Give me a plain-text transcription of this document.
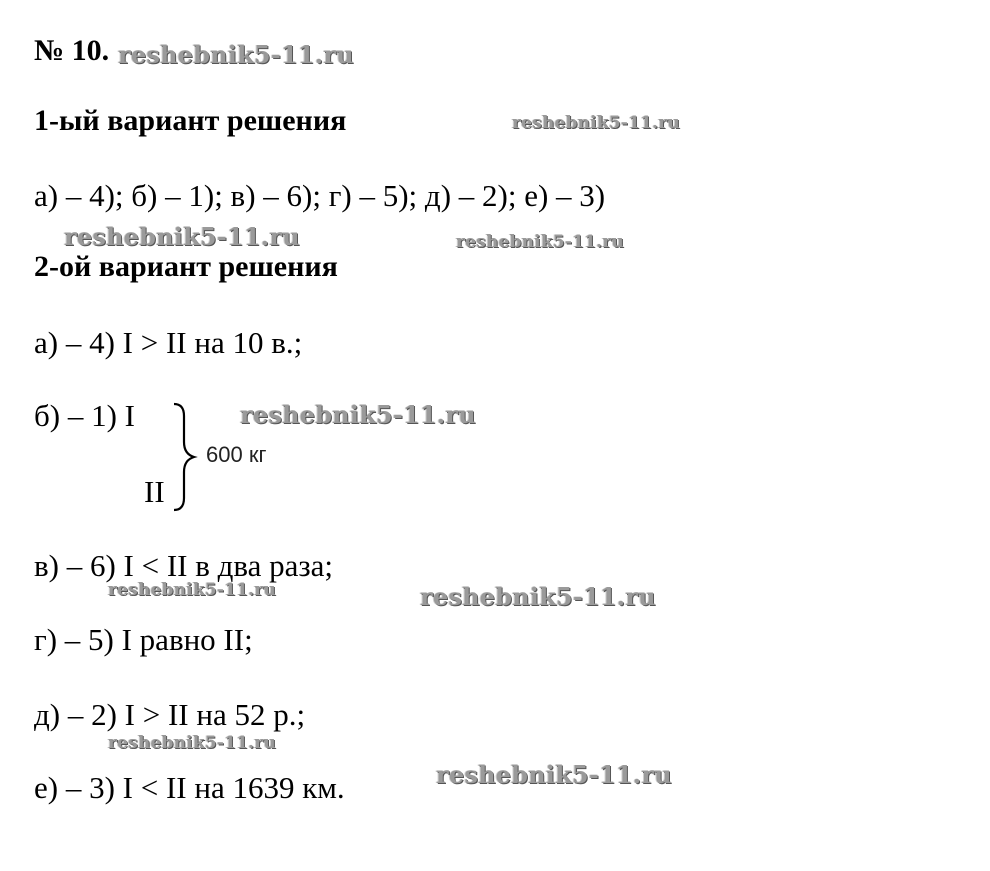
№ 10. reshebnik5-11.ru
1-ый вариант решения	reshebnik5-11.ru
а) – 4); б) – 1); в) – 6); г) – 5); д) – 2); е) – 3)
reshebnik5-11.ru	reshebnik5-11.ru
2-ой вариант решения
а) – 4) I > II на 10 в.;
б) – 1) I	reshebnik5-11.ru
600 кг
II
в) – 6) I < II в два раза;
reshebnik5-11.ru	reshebnik5-11.ru
г) – 5) I равно II;
д) – 2) I > II на 52 р.;
reshebnik5-11.ru
е) – 3) I < II на 1639 км.	reshebnik5-11.ru
